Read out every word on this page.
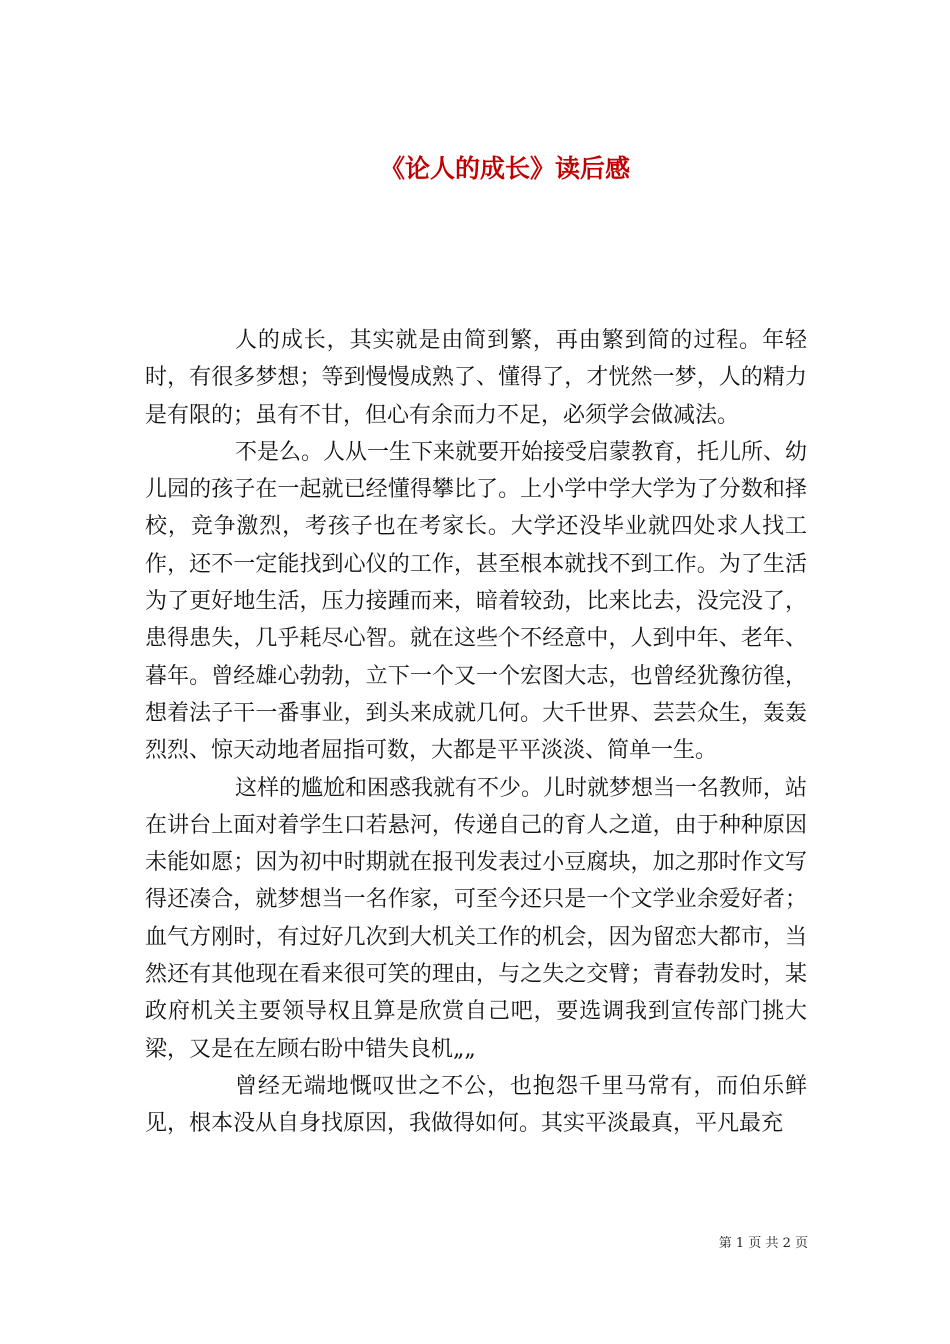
《论人的成长》读后感

人的成长，其实就是由简到繁，再由繁到简的过程。年轻时，有很多梦想；等到慢慢成熟了、懂得了，才恍然一梦，人的精力是有限的；虽有不甘，但心有余而力不足，必须学会做减法。

不是么。人从一生下来就要开始接受启蒙教育，托儿所、幼儿园的孩子在一起就已经懂得攀比了。上小学中学大学为了分数和择校，竞争激烈，考孩子也在考家长。大学还没毕业就四处求人找工作，还不一定能找到心仪的工作，甚至根本就找不到工作。为了生活为了更好地生活，压力接踵而来，暗着较劲，比来比去，没完没了，患得患失，几乎耗尽心智。就在这些个不经意中，人到中年、老年、暮年。曾经雄心勃勃，立下一个又一个宏图大志，也曾经犹豫彷徨，想着法子干一番事业，到头来成就几何。大千世界、芸芸众生，轰轰烈烈、惊天动地者屈指可数，大都是平平淡淡、简单一生。

这样的尴尬和困惑我就有不少。儿时就梦想当一名教师，站在讲台上面对着学生口若悬河，传递自己的育人之道，由于种种原因未能如愿；因为初中时期就在报刊发表过小豆腐块，加之那时作文写得还凑合，就梦想当一名作家，可至今还只是一个文学业余爱好者；血气方刚时，有过好几次到大机关工作的机会，因为留恋大都市，当然还有其他现在看来很可笑的理由，与之失之交臂；青春勃发时，某政府机关主要领导权且算是欣赏自己吧，要选调我到宣传部门挑大梁，又是在左顾右盼中错失良机„„

曾经无端地慨叹世之不公，也抱怨千里马常有，而伯乐鲜见，根本没从自身找原因，我做得如何。其实平淡最真，平凡最充

第 1 页 共 2 页
